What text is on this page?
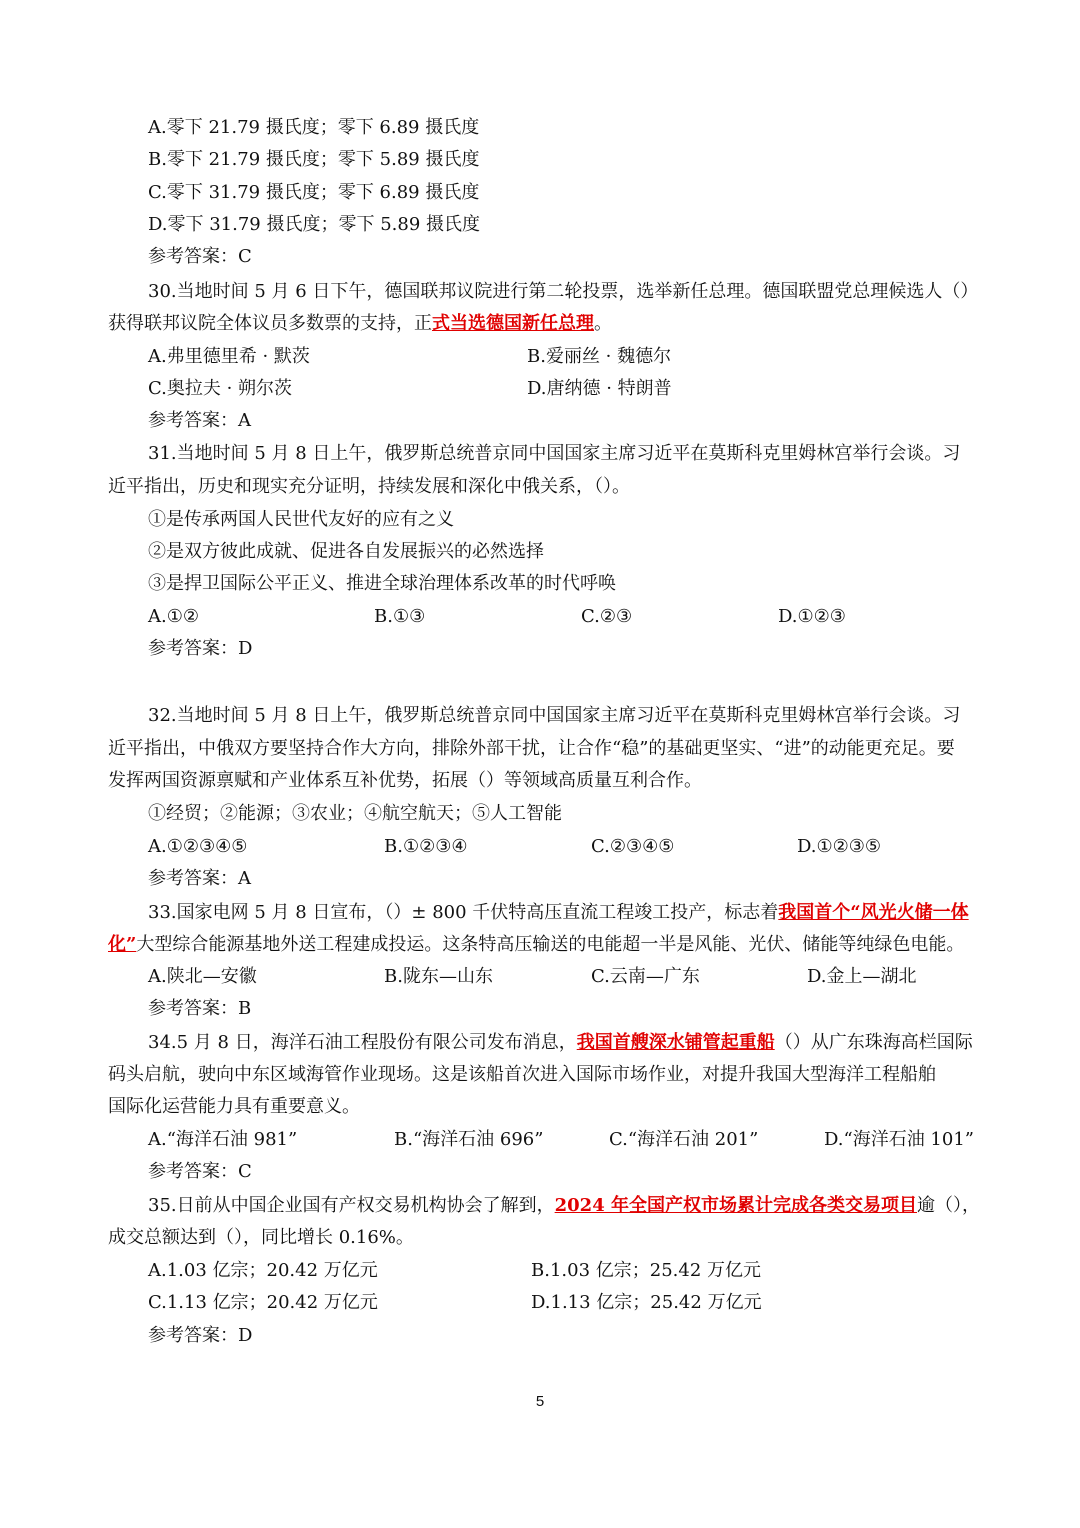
A.零下 21.79 摄氏度；零下 6.89 摄氏度
B.零下 21.79 摄氏度；零下 5.89 摄氏度
C.零下 31.79 摄氏度；零下 6.89 摄氏度
D.零下 31.79 摄氏度；零下 5.89 摄氏度
参考答案：C
30.当地时间 5 月 6 日下午，德国联邦议院进行第二轮投票，选举新任总理。德国联盟党总理候选人（）
获得联邦议院全体议员多数票的支持，正式当选德国新任总理。
A.弗里德里希 · 默茨	B.爱丽丝 · 魏德尔
C.奥拉夫 · 朔尔茨	D.唐纳德 · 特朗普
参考答案：A
31.当地时间 5 月 8 日上午，俄罗斯总统普京同中国国家主席习近平在莫斯科克里姆林宫举行会谈。习
近平指出，历史和现实充分证明，持续发展和深化中俄关系，（）。
①是传承两国人民世代友好的应有之义
②是双方彼此成就、促进各自发展振兴的必然选择
③是捍卫国际公平正义、推进全球治理体系改革的时代呼唤
A.①②	B.①③	C.②③	D.①②③
参考答案：D
32.当地时间 5 月 8 日上午，俄罗斯总统普京同中国国家主席习近平在莫斯科克里姆林宫举行会谈。习
近平指出，中俄双方要坚持合作大方向，排除外部干扰，让合作“稳”的基础更坚实、“进”的动能更充足。要
发挥两国资源禀赋和产业体系互补优势，拓展（）等领域高质量互利合作。
①经贸；②能源；③农业；④航空航天；⑤人工智能
A.①②③④⑤	B.①②③④	C.②③④⑤	D.①②③⑤
参考答案：A
33.国家电网 5 月 8 日宣布，（）± 800 千伏特高压直流工程竣工投产，标志着我国首个“风光火储一体
化”大型综合能源基地外送工程建成投运。这条特高压输送的电能超一半是风能、光伏、储能等纯绿色电能。
A.陕北—安徽	B.陇东—山东	C.云南—广东	D.金上—湖北
参考答案：B
34.5 月 8 日，海洋石油工程股份有限公司发布消息，我国首艘深水铺管起重船（）从广东珠海高栏国际
码头启航，驶向中东区域海管作业现场。这是该船首次进入国际市场作业，对提升我国大型海洋工程船舶
国际化运营能力具有重要意义。
A.“海洋石油 981”	B.“海洋石油 696”	C.“海洋石油 201”	D.“海洋石油 101”
参考答案：C
35.日前从中国企业国有产权交易机构协会了解到，2024 年全国产权市场累计完成各类交易项目逾（），
成交总额达到（），同比增长 0.16%。
A.1.03 亿宗；20.42 万亿元	B.1.03 亿宗；25.42 万亿元
C.1.13 亿宗；20.42 万亿元	D.1.13 亿宗；25.42 万亿元
参考答案：D
5
